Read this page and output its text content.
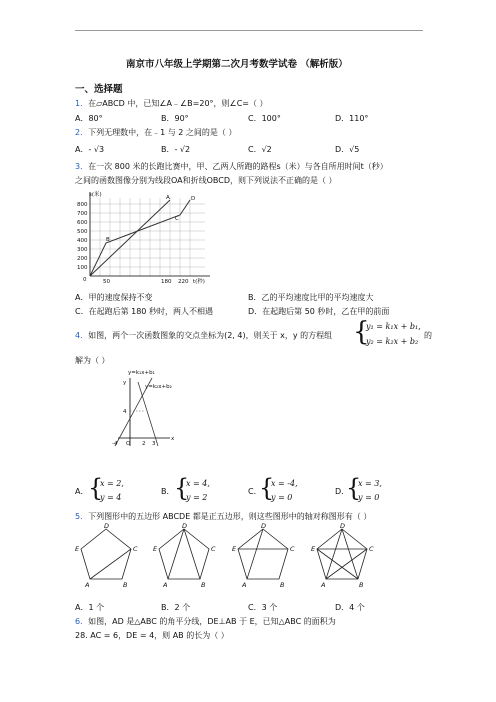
南京市八年级上学期第二次月考数学试卷 （解析版）
一、选择题
1．在▱ABCD 中，已知∠A﹣∠B=20°，则∠C=（ ）
A．80°	B．90°	C．100°	D．110°
2．下列无理数中，在﹣1 与 2 之间的是（ ）
A．- √3	B．- √2	C．√2	D．√5
3．在一次 800 米的长跑比赛中，甲、乙两人所跑的路程s（米）与各自所用时间t（秒）
之间的函数图像分别为线段OA和折线OBCD，则下列说法不正确的是（ ）
s(米)
800
700
600
500
400
300
200
100
0	50	180 220 t(秒)
A
B
C
D
A．甲的速度保持不变	B．乙的平均速度比甲的平均速度大
C．在起跑后第 180 秒时，两人不相遇	D．在起跑后第 50 秒时，乙在甲的前面
4．如图，两个一次函数图象的交点坐标为(2, 4)，则关于 x，y 的方程组 {
y₁ = k₁x + b₁,
y₂ = k₂x + b₂
的
解为（ ）
y=k₁x+b₁
y=k₂x+b₂
y
x
4
-4 O 2 3
A． {
x = 2,
y = 4
B． {
x = 4,
y = 2
C．
{
x = -4,
y = 0
D．
{
x = 3,
y = 0
5．下列图形中的五边形 ABCDE 都是正五边形，则这些图形中的轴对称图形有（ ）
D
C
B
A
E
D
C
B
A
E
D
C
B
A
E
D
C
B
A
E
A．1 个	B．2 个	C．3 个	D．4 个
6．如图，AD 是△ABC 的角平分线，DE⊥AB 于 E，已知△ABC 的面积为
28. AC = 6，DE = 4，则 AB 的长为（ ）
